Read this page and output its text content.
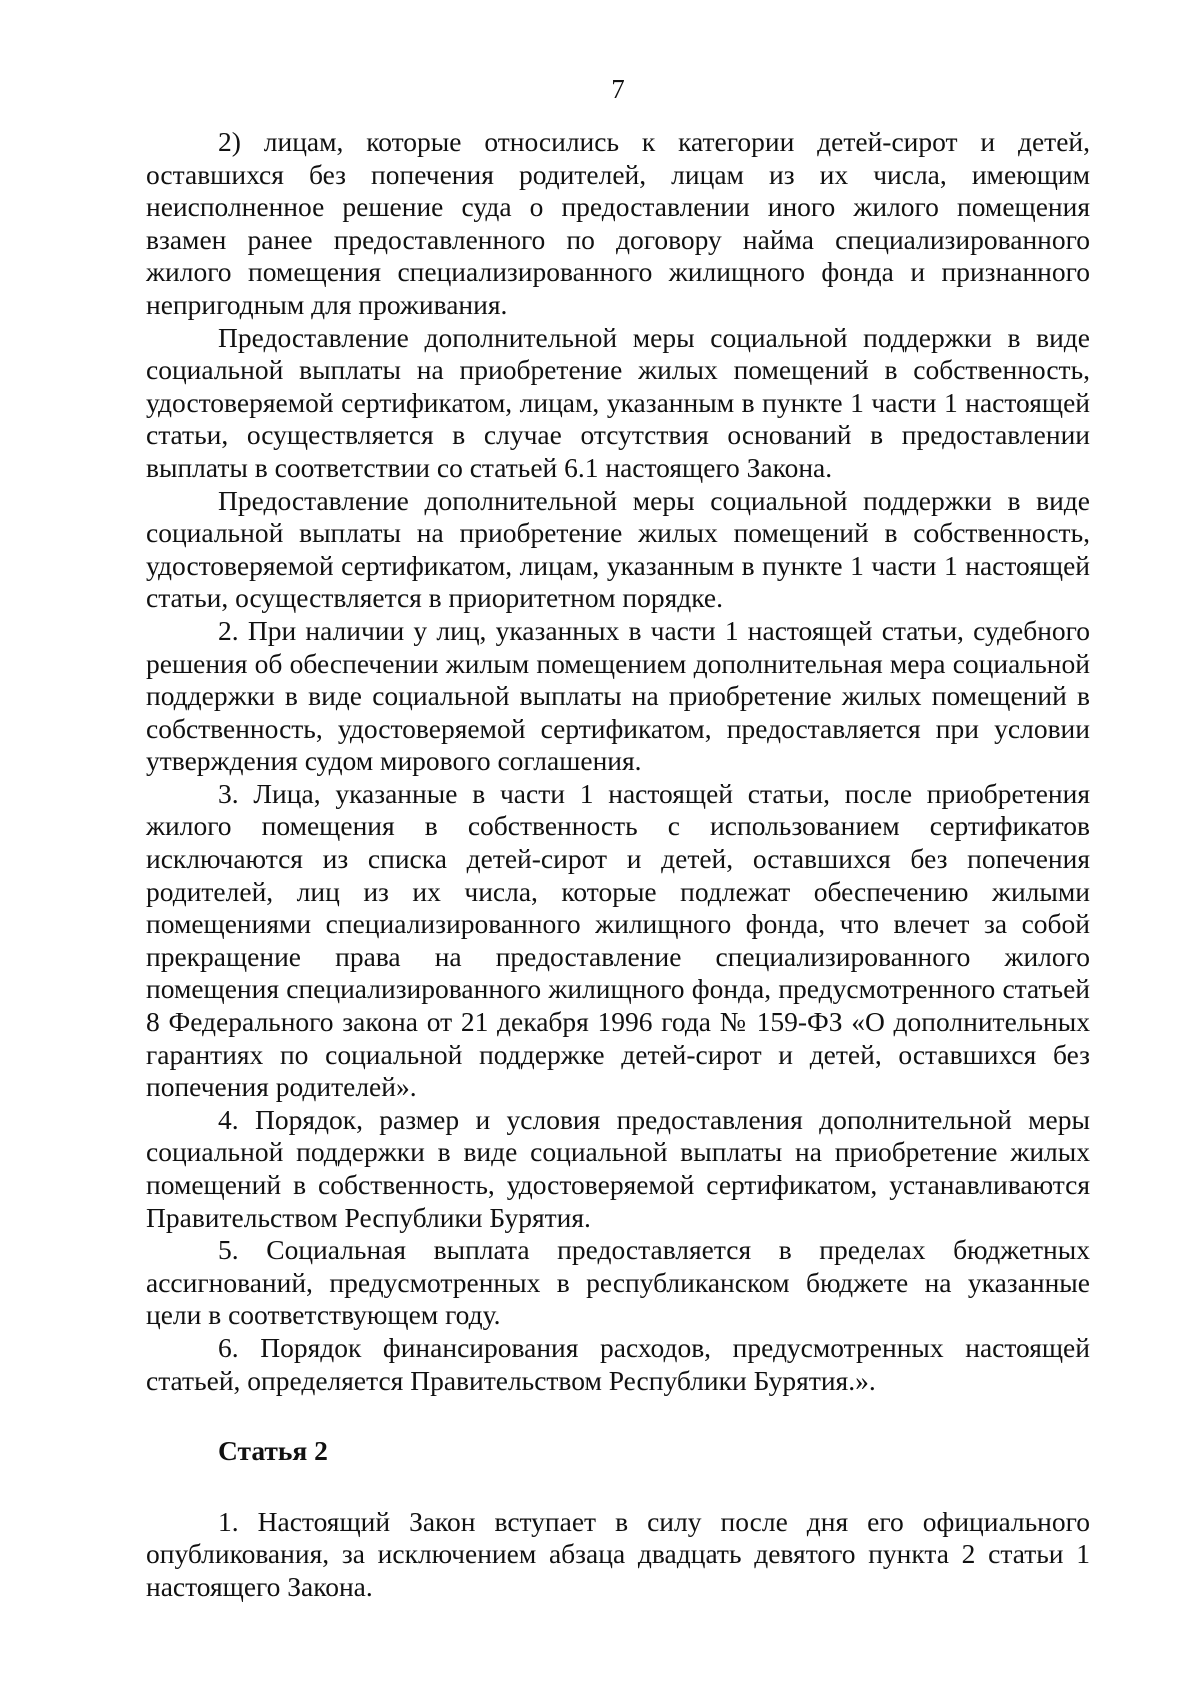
7

2) лицам, которые относились к категории детей-сирот и детей, оставшихся без попечения родителей, лицам из их числа, имеющим неисполненное решение суда о предоставлении иного жилого помещения взамен ранее предоставленного по договору найма специализированного жилого помещения специализированного жилищного фонда и признанного непригодным для проживания.

Предоставление дополнительной меры социальной поддержки в виде социальной выплаты на приобретение жилых помещений в собственность, удостоверяемой сертификатом, лицам, указанным в пункте 1 части 1 настоящей статьи, осуществляется в случае отсутствия оснований в предоставлении выплаты в соответствии со статьей 6.1 настоящего Закона.

Предоставление дополнительной меры социальной поддержки в виде социальной выплаты на приобретение жилых помещений в собственность, удостоверяемой сертификатом, лицам, указанным в пункте 1 части 1 настоящей статьи, осуществляется в приоритетном порядке.

2. При наличии у лиц, указанных в части 1 настоящей статьи, судебного решения об обеспечении жилым помещением дополнительная мера социальной поддержки в виде социальной выплаты на приобретение жилых помещений в собственность, удостоверяемой сертификатом, предоставляется при условии утверждения судом мирового соглашения.

3. Лица, указанные в части 1 настоящей статьи, после приобретения жилого помещения в собственность с использованием сертификатов исключаются из списка детей-сирот и детей, оставшихся без попечения родителей, лиц из их числа, которые подлежат обеспечению жилыми помещениями специализированного жилищного фонда, что влечет за собой прекращение права на предоставление специализированного жилого помещения специализированного жилищного фонда, предусмотренного статьей 8 Федерального закона от 21 декабря 1996 года № 159-ФЗ «О дополнительных гарантиях по социальной поддержке детей-сирот и детей, оставшихся без попечения родителей».

4. Порядок, размер и условия предоставления дополнительной меры социальной поддержки в виде социальной выплаты на приобретение жилых помещений в собственность, удостоверяемой сертификатом, устанавливаются Правительством Республики Бурятия.

5. Социальная выплата предоставляется в пределах бюджетных ассигнований, предусмотренных в республиканском бюджете на указанные цели в соответствующем году.

6. Порядок финансирования расходов, предусмотренных настоящей статьей, определяется Правительством Республики Бурятия.».

Статья 2

1. Настоящий Закон вступает в силу после дня его официального опубликования, за исключением абзаца двадцать девятого пункта 2 статьи 1 настоящего Закона.
